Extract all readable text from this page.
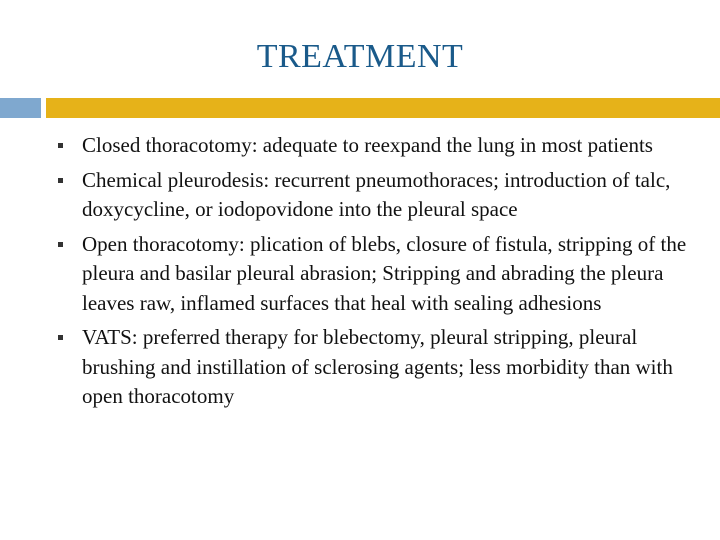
TREATMENT
Closed thoracotomy: adequate to reexpand the lung in most patients
Chemical pleurodesis: recurrent pneumothoraces; introduction of talc, doxycycline, or iodopovidone into the pleural space
Open thoracotomy: plication of blebs, closure of fistula, stripping of the pleura and basilar pleural abrasion; Stripping and abrading the pleura leaves raw, inflamed surfaces that heal with sealing adhesions
VATS: preferred therapy for blebectomy, pleural stripping, pleural brushing and instillation of sclerosing agents; less morbidity than with open thoracotomy
